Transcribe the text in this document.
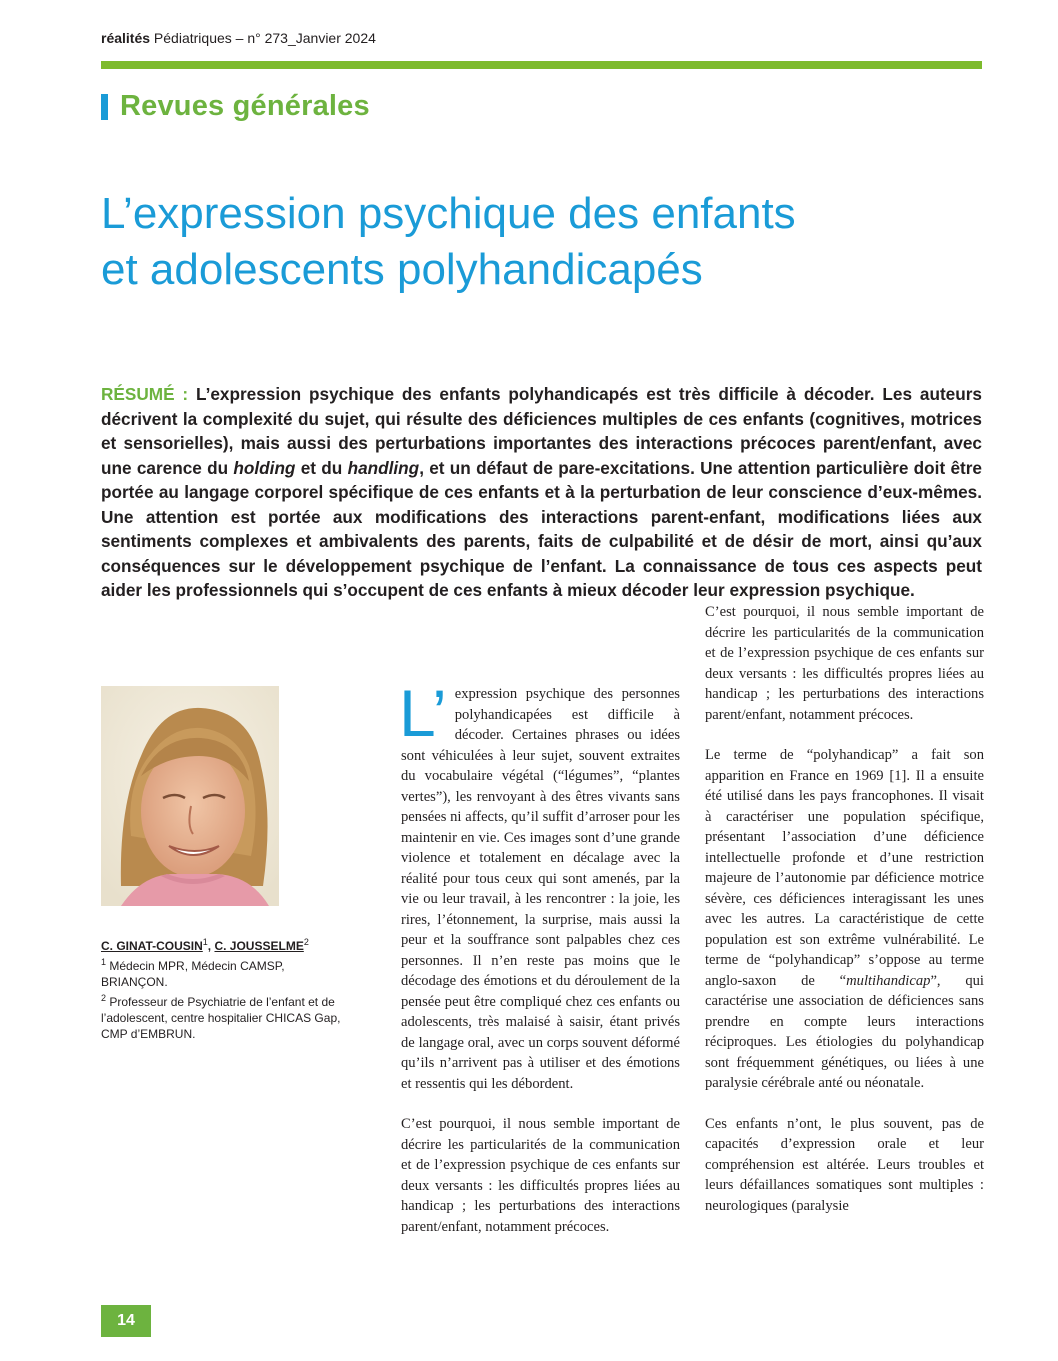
réalités Pédiatriques – n° 273_Janvier 2024
Revues générales
L’expression psychique des enfants
et adolescents polyhandicapés

RÉSUMÉ : L’expression psychique des enfants polyhandicapés est très difficile à décoder. Les auteurs décrivent la complexité du sujet, qui résulte des déficiences multiples de ces enfants (cognitives, motrices et sensorielles), mais aussi des perturbations importantes des interactions précoces parent/enfant, avec une carence du holding et du handling, et un défaut de pare-excitations. Une attention particulière doit être portée au langage corporel spécifique de ces enfants et à la perturbation de leur conscience d’eux-mêmes. Une attention est portée aux modifications des interactions parent-enfant, modifications liées aux sentiments complexes et ambivalents des parents, faits de culpabilité et de désir de mort, ainsi qu’aux conséquences sur le développement psychique de l’enfant. La connaissance de tous ces aspects peut aider les professionnels qui s’occupent de ces enfants à mieux décoder leur expression psychique.

C. GINAT-COUSIN$^1$, C. JOUSSELME$^2$
$^1$ Médecin MPR, Médecin CAMSP, BRIANÇON.
$^2$ Professeur de Psychiatrie de l’enfant et de l’adolescent, centre hospitalier CHICAS Gap, CMP d’EMBRUN.

L’ expression psychique des personnes polyhandicapées est difficile à décoder. Certaines phrases ou idées sont véhiculées à leur sujet, souvent extraites du vocabulaire végétal (“légumes”, “plantes vertes”), les renvoyant à des êtres vivants sans pensées ni affects, qu’il suffit d’arroser pour les maintenir en vie. Ces images sont d’une grande violence et totalement en décalage avec la réalité pour tous ceux qui sont amenés, par la vie ou leur travail, à les rencontrer : la joie, les rires, l’étonnement, la surprise, mais aussi la peur et la souffrance sont palpables chez ces personnes. Il n’en reste pas moins que le décodage des émotions et du déroulement de la pensée peut être compliqué chez ces enfants ou adolescents, très malaisé à saisir, étant privés de langage oral, avec un corps souvent déformé qu’ils n’arrivent pas à utiliser et des émotions et ressentis qui les débordent.

C’est pourquoi, il nous semble important de décrire les particularités de la communication et de l’expression psychique de ces enfants sur deux versants : les difficultés propres liées au handicap ; les perturbations des interactions parent/enfant, notamment précoces.

C’est pourquoi, il nous semble important de décrire les particularités de la communication et de l’expression psychique de ces enfants sur deux versants : les difficultés propres liées au handicap ; les perturbations des interactions parent/enfant, notamment précoces.

Le terme de “polyhandicap” a fait son apparition en France en 1969 [1]. Il a ensuite été utilisé dans les pays francophones. Il visait à caractériser une population spécifique, présentant l’association d’une déficience intellectuelle profonde et d’une restriction majeure de l’autonomie par déficience motrice sévère, ces déficiences interagissant les unes avec les autres. La caractéristique de cette population est son extrême vulnérabilité. Le terme de “polyhandicap” s’oppose au terme anglo-saxon de “multihandicap”, qui caractérise une association de déficiences sans prendre en compte leurs interactions réciproques. Les étiologies du polyhandicap sont fréquemment génétiques, ou liées à une paralysie cérébrale anté ou néonatale.

Ces enfants n’ont, le plus souvent, pas de capacités d’expression orale et leur compréhension est altérée. Leurs troubles et leurs défaillances somatiques sont multiples : neurologiques (paralysie

14
